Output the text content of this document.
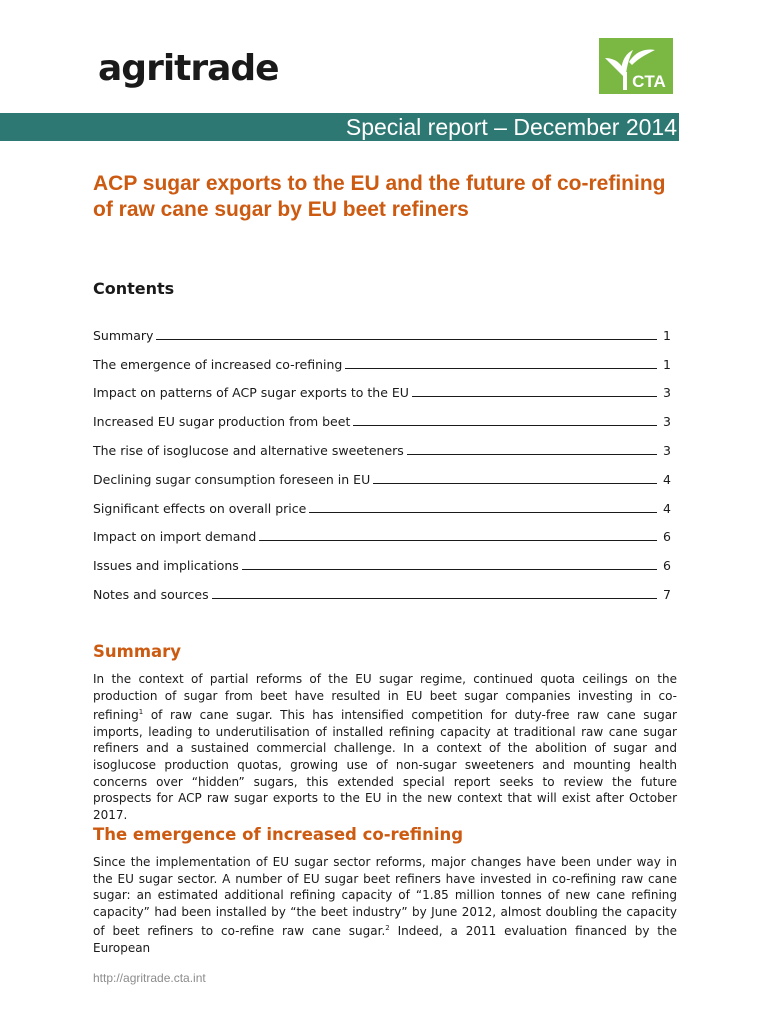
agritrade	CTA
Special report – December 2014
ACP sugar exports to the EU and the future of co-refining of raw cane sugar by EU beet refiners
Contents
Summary	1
The emergence of increased co-refining	1
Impact on patterns of ACP sugar exports to the EU	3
Increased EU sugar production from beet	3
The rise of isoglucose and alternative sweeteners	3
Declining sugar consumption foreseen in EU	4
Significant effects on overall price	4
Impact on import demand	6
Issues and implications	6
Notes and sources	7
Summary

In the context of partial reforms of the EU sugar regime, continued quota ceilings on the production of sugar from beet have resulted in EU beet sugar companies investing in co-refining$^1$ of raw cane sugar. This has intensified competition for duty-free raw cane sugar imports, leading to underutilisation of installed refining capacity at traditional raw cane sugar refiners and a sustained commercial challenge. In a context of the abolition of sugar and isoglucose production quotas, growing use of non-sugar sweeteners and mounting health concerns over “hidden” sugars, this extended special report seeks to review the future prospects for ACP raw sugar exports to the EU in the new context that will exist after October 2017.

The emergence of increased co-refining

Since the implementation of EU sugar sector reforms, major changes have been under way in the EU sugar sector. A number of EU sugar beet refiners have invested in co-refining raw cane sugar: an estimated additional refining capacity of “1.85 million tonnes of new cane refining capacity” had been installed by “the beet industry” by June 2012, almost doubling the capacity of beet refiners to co-refine raw cane sugar.$^2$ Indeed, a 2011 evaluation financed by the European

http://agritrade.cta.int
